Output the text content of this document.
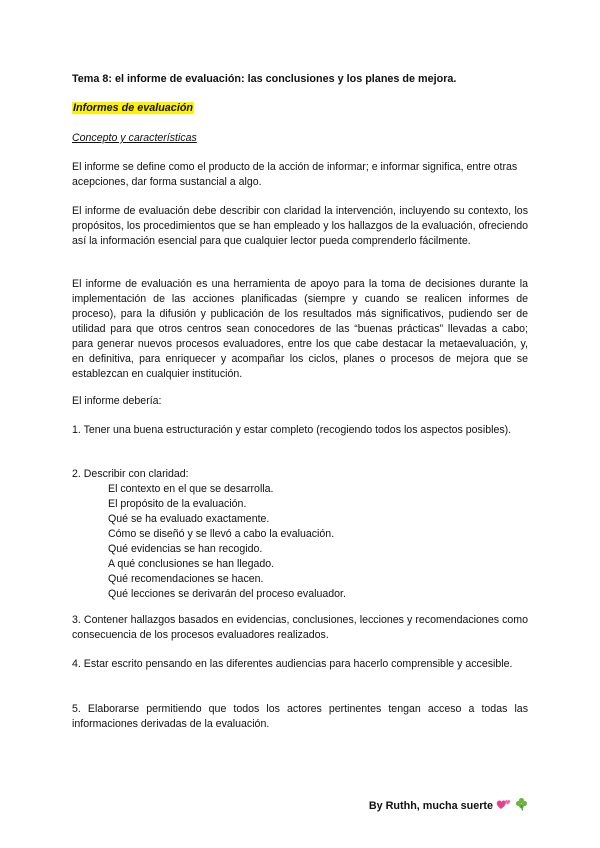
Tema 8: el informe de evaluación: las conclusiones y los planes de mejora.

Informes de evaluación

Concepto y características

El informe se define como el producto de la acción de informar; e informar significa, entre otras acepciones, dar forma sustancial a algo.

El informe de evaluación debe describir con claridad la intervención, incluyendo su contexto, los propósitos, los procedimientos que se han empleado y los hallazgos de la evaluación, ofreciendo así la información esencial para que cualquier lector pueda comprenderlo fácilmente.

El informe de evaluación es una herramienta de apoyo para la toma de decisiones durante la implementación de las acciones planificadas (siempre y cuando se realicen informes de proceso), para la difusión y publicación de los resultados más significativos, pudiendo ser de utilidad para que otros centros sean conocedores de las “buenas prácticas” llevadas a cabo; para generar nuevos procesos evaluadores, entre los que cabe destacar la metaevaluación, y, en definitiva, para enriquecer y acompañar los ciclos, planes o procesos de mejora que se establezcan en cualquier institución.

El informe debería:

1. Tener una buena estructuración y estar completo (recogiendo todos los aspectos posibles).

2. Describir con claridad:

El contexto en el que se desarrolla.
El propósito de la evaluación.
Qué se ha evaluado exactamente.
Cómo se diseñó y se llevó a cabo la evaluación.
Qué evidencias se han recogido.
A qué conclusiones se han llegado.
Qué recomendaciones se hacen.
Qué lecciones se derivarán del proceso evaluador.

3. Contener hallazgos basados en evidencias, conclusiones, lecciones y recomendaciones como consecuencia de los procesos evaluadores realizados.

4. Estar escrito pensando en las diferentes audiencias para hacerlo comprensible y accesible.

5. Elaborarse permitiendo que todos los actores pertinentes tengan acceso a todas las informaciones derivadas de la evaluación.

By Ruthh, mucha suerte
